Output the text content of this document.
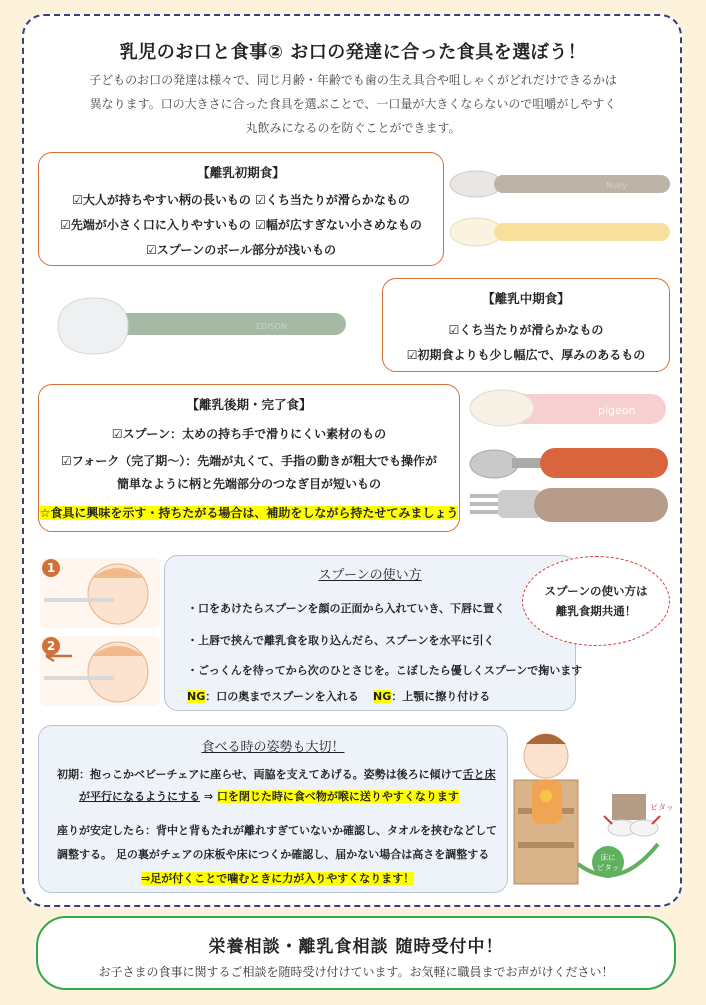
乳児のお口と食事② お口の発達に合った食具を選ぼう！
子どものお口の発達は様々で、同じ月齢・年齢でも歯の生え具合や咀しゃくがどれだけできるかは
異なります。口の大きさに合った食具を選ぶことで、一口量が大きくならないので咀嚼がしやすく
丸飲みになるのを防ぐことができます。
【離乳初期食】
☑大人が持ちやすい柄の長いもの ☑くち当たりが滑らかなもの
☑先端が小さく口に入りやすいもの ☑幅が広すぎない小さめなもの
☑スプーンのボール部分が浅いもの
Nuby
EDISON
【離乳中期食】
☑くち当たりが滑らかなもの
☑初期食よりも少し幅広で、厚みのあるもの
【離乳後期・完了食】
☑スプーン：太めの持ち手で滑りにくい素材のもの
☑フォーク（完了期～）：先端が丸くて、手指の動きが粗大でも操作が
簡単なように柄と先端部分のつなぎ目が短いもの
☆食具に興味を示す・持ちたがる場合は、補助をしながら持たせてみましょう
pigeon
1
2
スプーンの使い方
・口をあけたらスプーンを顔の正面から入れていき、下唇に置く
・上唇で挟んで離乳食を取り込んだら、スプーンを水平に引く
・ごっくんを待ってから次のひとさじを。こぼしたら優しくスプーンで掬います
NG：口の奥までスプーンを入れる NG：上顎に擦り付ける
スプーンの使い方は
離乳食期共通！
食べる時の姿勢も大切！
初期：抱っこかベビーチェアに座らせ、両脇を支えてあげる。姿勢は後ろに傾けて舌と床
が平行になるようにする ⇒ 口を閉じた時に食べ物が喉に送りやすくなります
座りが安定したら：背中と背もたれが離れすぎていないか確認し、タオルを挟むなどして
調整する。 足の裏がチェアの床板や床につくか確認し、届かない場合は高さを調整する
⇒足が付くことで噛むときに力が入りやすくなります！
ピタッ
床に
ピタッ
栄養相談・離乳食相談 随時受付中！
お子さまの食事に関するご相談を随時受け付けています。お気軽に職員までお声がけください！
